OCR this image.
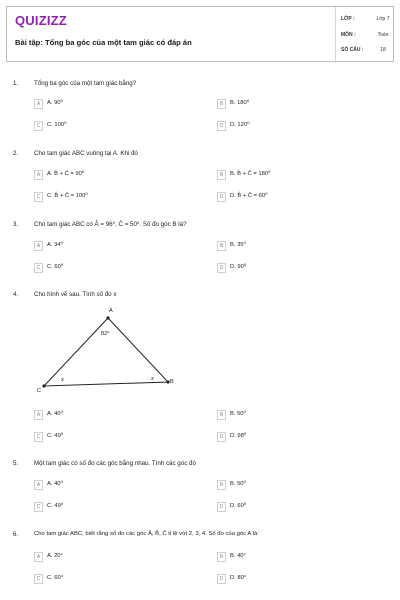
QUIZIZZ
Bài tập: Tổng ba góc của một tam giác có đáp án
LỚP :	Lớp 7
MÔN :	Toán
SỐ CÂU :	18
1.	Tổng ba góc của một tam giác bằng?
A	A. 90⁰	B	B. 180⁰
C	C. 100⁰	D	D. 120⁰
2.	Cho tam giác ABC vuông tại A. Khi đó
A	A. B̂ + Ĉ = 90⁰	B	B. B̂ + Ĉ = 180⁰
C	C. B̂ + Ĉ = 100⁰	D	D. B̂ + Ĉ = 60⁰
3.	Cho tam giác ABC có Â = 96⁰, Ĉ = 50⁰. Số đo góc B là?
A	A. 34⁰	B	B. 35⁰
C	C. 60⁰	D	D. 90⁰
4.	Cho hình vẽ sau. Tính số đo x
A
C
B
82⁰
x	x
A	A. 40⁰	B	B. 50⁰
C	C. 49⁰	D	D. 98⁰
5.	Một tam giác có số đo các góc bằng nhau. Tính các góc đó
A	A. 40⁰	B	B. 50⁰
C	C. 49⁰	D	D. 60⁰
6.	Cho tam giác ABC, biết rằng số đo các góc Â, B̂, Ĉ tỉ lệ với 2, 3, 4. Số đo của góc A là:
A	A. 20°	B	B. 40°
C	C. 60°	D	D. 80°
